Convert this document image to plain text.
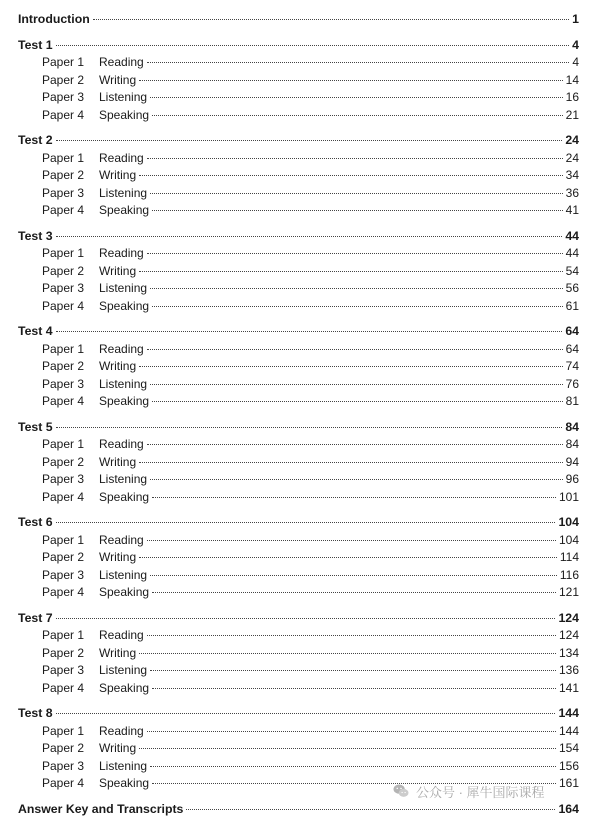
Introduction	1
Test 1	4
Paper 1	Reading	4
Paper 2	Writing	14
Paper 3	Listening	16
Paper 4	Speaking	21
Test 2	24
Paper 1	Reading	24
Paper 2	Writing	34
Paper 3	Listening	36
Paper 4	Speaking	41
Test 3	44
Paper 1	Reading	44
Paper 2	Writing	54
Paper 3	Listening	56
Paper 4	Speaking	61
Test 4	64
Paper 1	Reading	64
Paper 2	Writing	74
Paper 3	Listening	76
Paper 4	Speaking	81
Test 5	84
Paper 1	Reading	84
Paper 2	Writing	94
Paper 3	Listening	96
Paper 4	Speaking	101
Test 6	104
Paper 1	Reading	104
Paper 2	Writing	114
Paper 3	Listening	116
Paper 4	Speaking	121
Test 7	124
Paper 1	Reading	124
Paper 2	Writing	134
Paper 3	Listening	136
Paper 4	Speaking	141
Test 8	144
Paper 1	Reading	144
Paper 2	Writing	154
Paper 3	Listening	156
Paper 4	Speaking	161
Answer Key and Transcripts	164
公众号 · 犀牛国际课程
